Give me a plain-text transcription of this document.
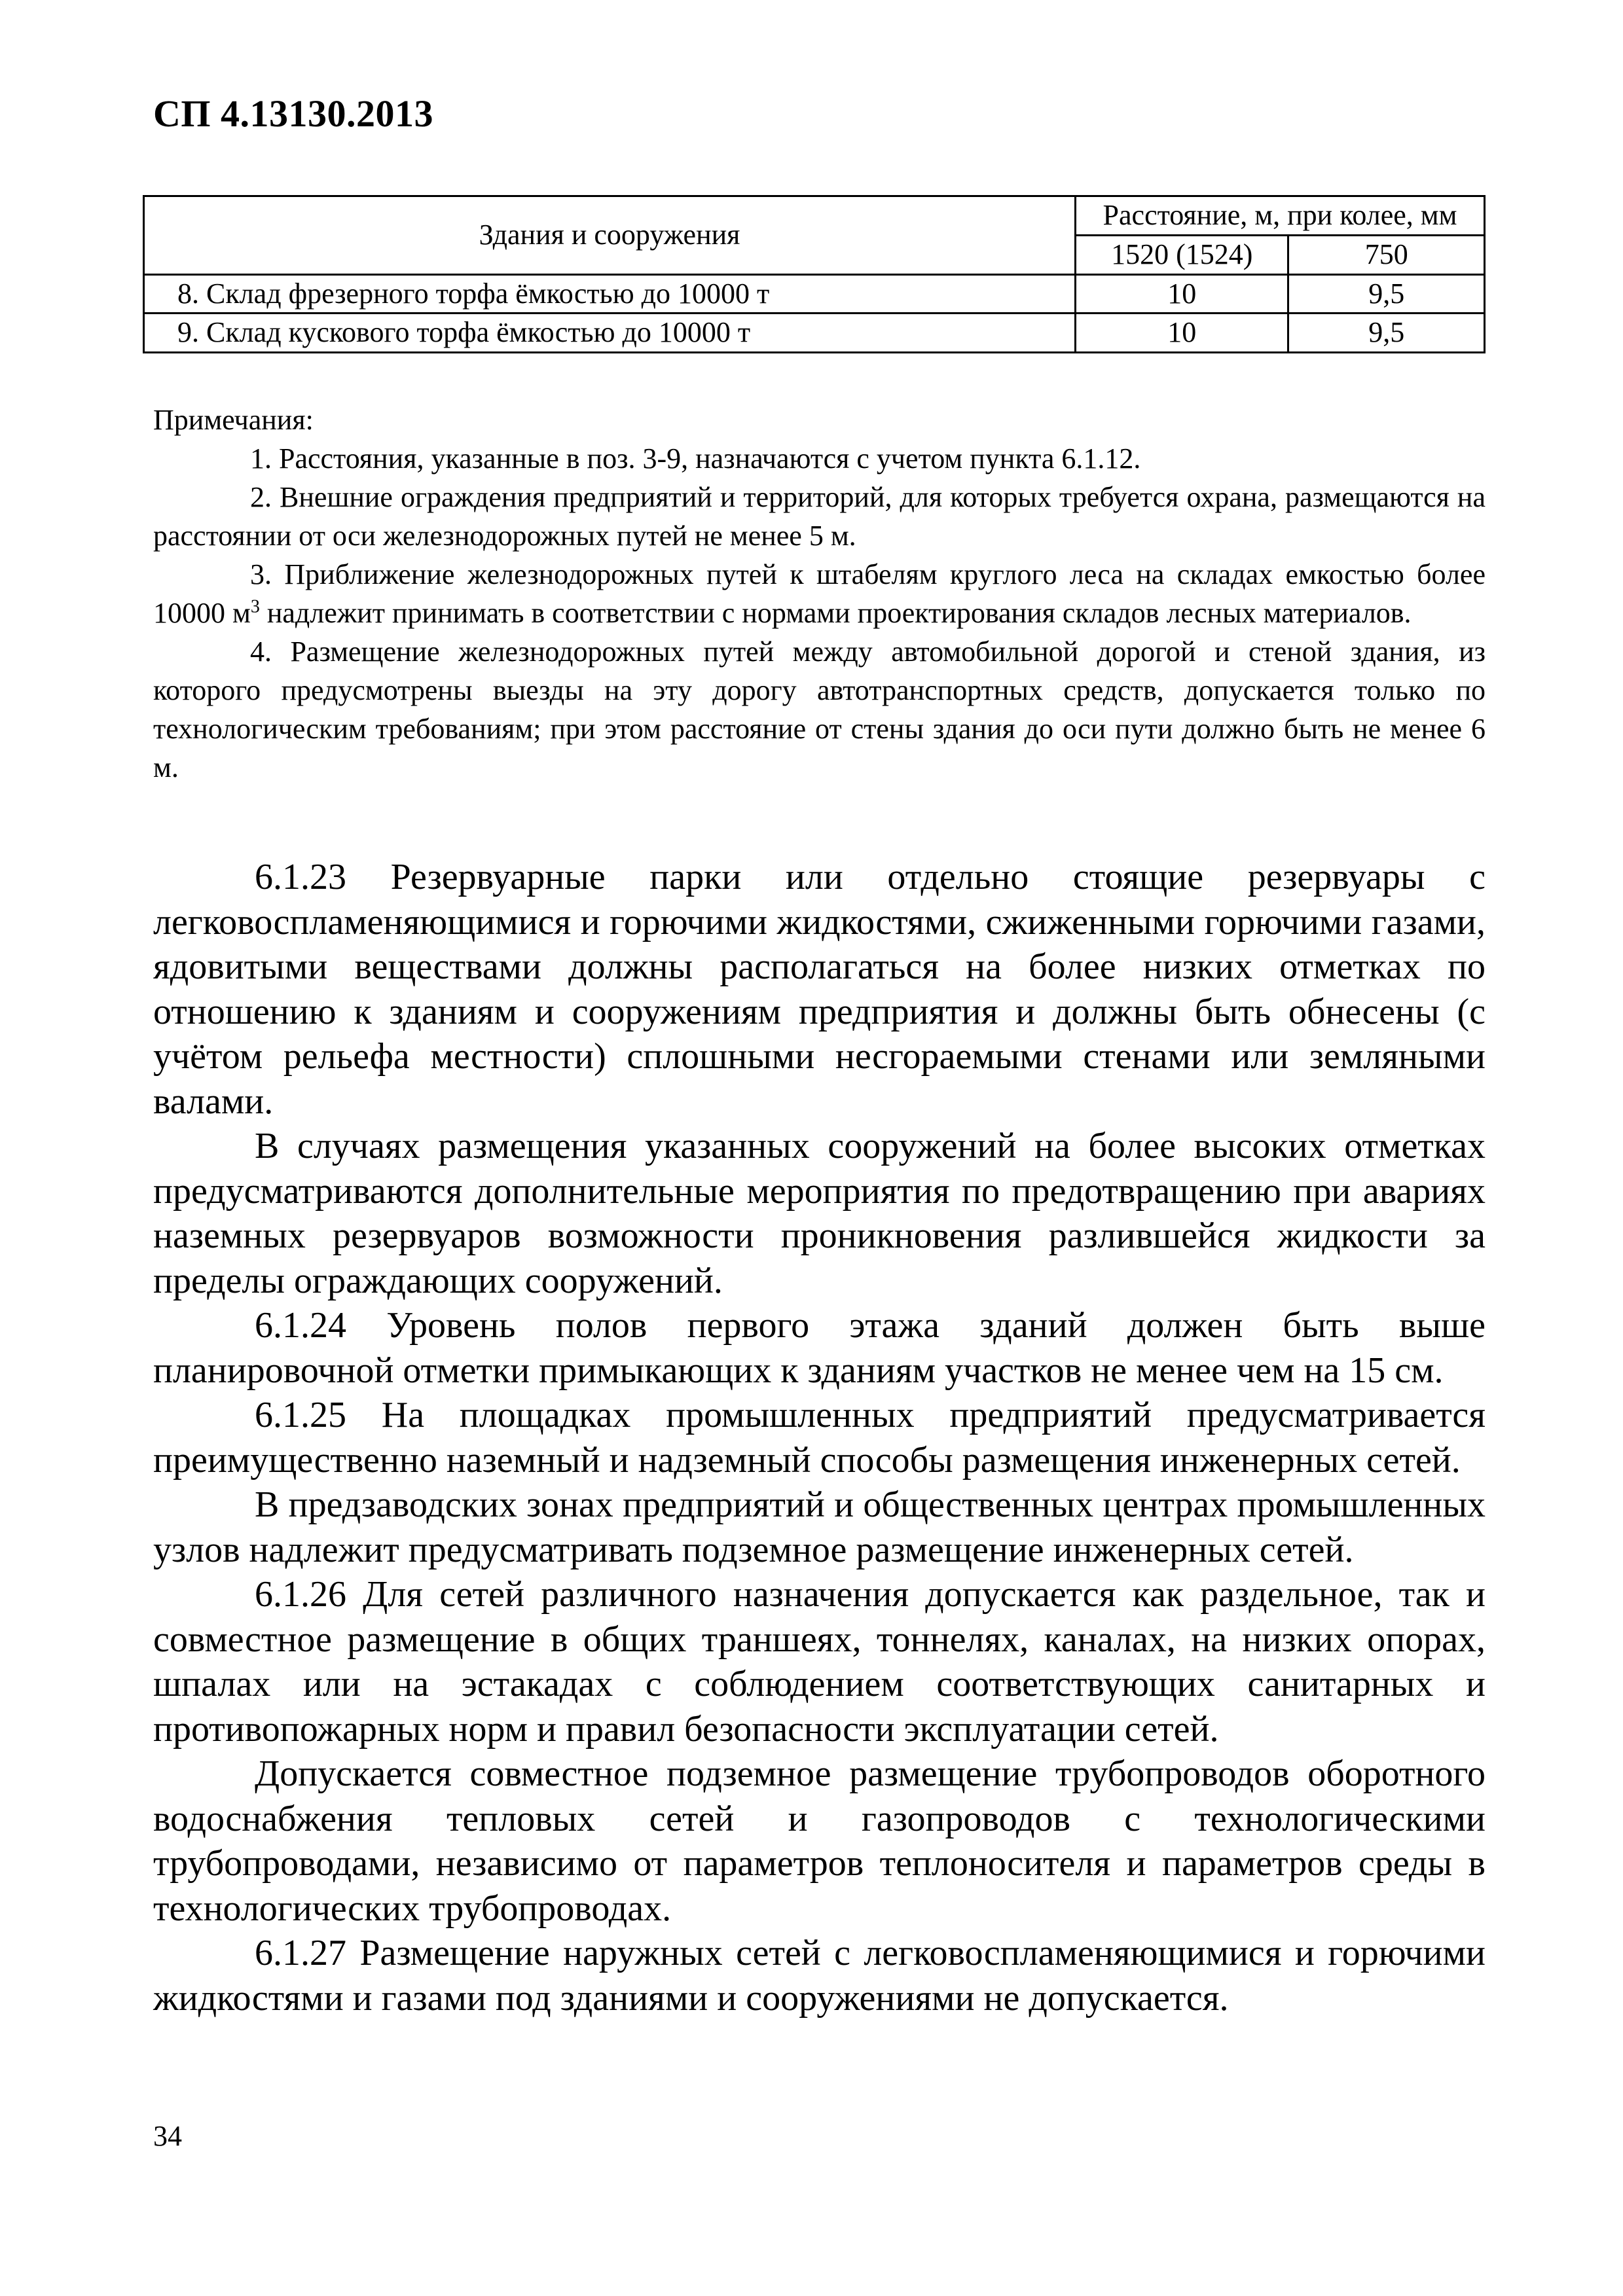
СП 4.13130.2013
Здания и сооружения	Расстояние, м, при колее, мм	
	1520 (1524)	750
8. Склад фрезерного торфа ёмкостью до 10000 т	10	9,5
9. Склад кускового торфа ёмкостью до 10000 т	10	9,5

Примечания:

1. Расстояния, указанные в поз. 3-9, назначаются с учетом пункта 6.1.12.

2. Внешние ограждения предприятий и территорий, для которых требуется охрана, размещаются на расстоянии от оси железнодорожных путей не менее 5 м.

3. Приближение железнодорожных путей к штабелям круглого леса на складах емкостью более 10000 $м^3$ надлежит принимать в соответствии с нормами проектирования складов лесных материалов.

4. Размещение железнодорожных путей между автомобильной дорогой и стеной здания, из которого предусмотрены выезды на эту дорогу автотранспортных средств, допускается только по технологическим требованиям; при этом расстояние от стены здания до оси пути должно быть не менее 6 м.

6.1.23 Резервуарные парки или отдельно стоящие резервуары с легковоспламеняющимися и горючими жидкостями, сжиженными горючими газами, ядовитыми веществами должны располагаться на более низких отметках по отношению к зданиям и сооружениям предприятия и должны быть обнесены (с учётом рельефа местности) сплошными несгораемыми стенами или земляными валами.

В случаях размещения указанных сооружений на более высоких отметках предусматриваются дополнительные мероприятия по предотвращению при авариях наземных резервуаров возможности проникновения разлившейся жидкости за пределы ограждающих сооружений.

6.1.24 Уровень полов первого этажа зданий должен быть выше планировочной отметки примыкающих к зданиям участков не менее чем на 15 см.

6.1.25 На площадках промышленных предприятий предусматривается преимущественно наземный и надземный способы размещения инженерных сетей.

В предзаводских зонах предприятий и общественных центрах промышленных узлов надлежит предусматривать подземное размещение инженерных сетей.

6.1.26 Для сетей различного назначения допускается как раздельное, так и совместное размещение в общих траншеях, тоннелях, каналах, на низких опорах, шпалах или на эстакадах с соблюдением соответствующих санитарных и противопожарных норм и правил безопасности эксплуатации сетей.

Допускается совместное подземное размещение трубопроводов оборотного водоснабжения тепловых сетей и газопроводов с технологическими трубопроводами, независимо от параметров теплоносителя и параметров среды в технологических трубопроводах.

6.1.27 Размещение наружных сетей с легковоспламеняющимися и горючими жидкостями и газами под зданиями и сооружениями не допускается.

34
